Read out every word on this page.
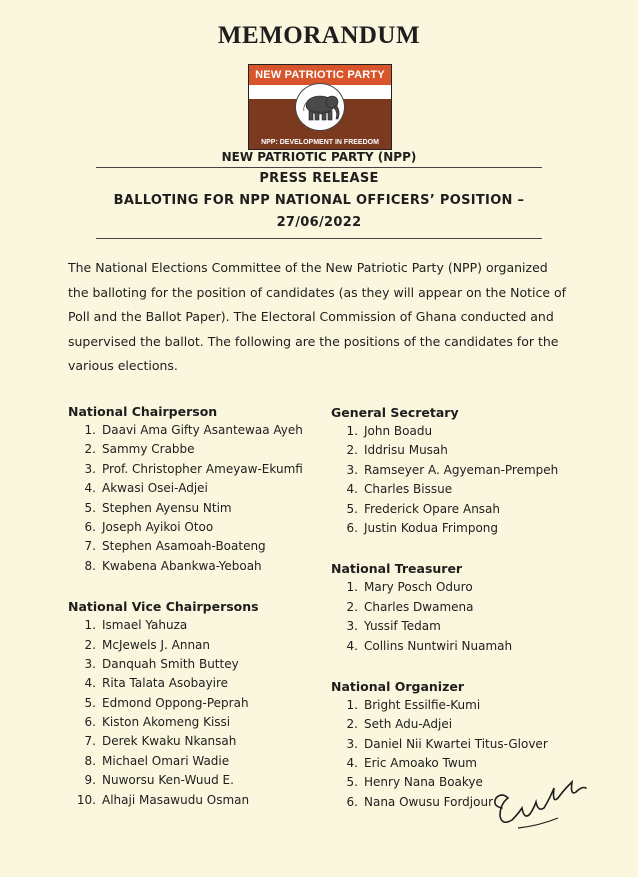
MEMORANDUM
NEW PATRIOTIC PARTY
NPP: DEVELOPMENT IN FREEDOM
NEW PATRIOTIC PARTY (NPP)
PRESS RELEASE
BALLOTING FOR NPP NATIONAL OFFICERS’ POSITION –
27/06/2022
The National Elections Committee of the New Patriotic Party (NPP) organized
the balloting for the position of candidates (as they will appear on the Notice of
Poll and the Ballot Paper). The Electoral Commission of Ghana conducted and
supervised the ballot. The following are the positions of the candidates for the
various elections.
National Chairperson
1. Daavi Ama Gifty Asantewaa Ayeh
2. Sammy Crabbe
3. Prof. Christopher Ameyaw-Ekumfi
4. Akwasi Osei-Adjei
5. Stephen Ayensu Ntim
6. Joseph Ayikoi Otoo
7. Stephen Asamoah-Boateng
8. Kwabena Abankwa-Yeboah
National Vice Chairpersons
1. Ismael Yahuza
2. McJewels J. Annan
3. Danquah Smith Buttey
4. Rita Talata Asobayire
5. Edmond Oppong-Peprah
6. Kiston Akomeng Kissi
7. Derek Kwaku Nkansah
8. Michael Omari Wadie
9. Nuworsu Ken-Wuud E.
10. Alhaji Masawudu Osman
General Secretary
1. John Boadu
2. Iddrisu Musah
3. Ramseyer A. Agyeman-Prempeh
4. Charles Bissue
5. Frederick Opare Ansah
6. Justin Kodua Frimpong
National Treasurer
1. Mary Posch Oduro
2. Charles Dwamena
3. Yussif Tedam
4. Collins Nuntwiri Nuamah
National Organizer
1. Bright Essilfie-Kumi
2. Seth Adu-Adjei
3. Daniel Nii Kwartei Titus-Glover
4. Eric Amoako Twum
5. Henry Nana Boakye
6. Nana Owusu Fordjour
